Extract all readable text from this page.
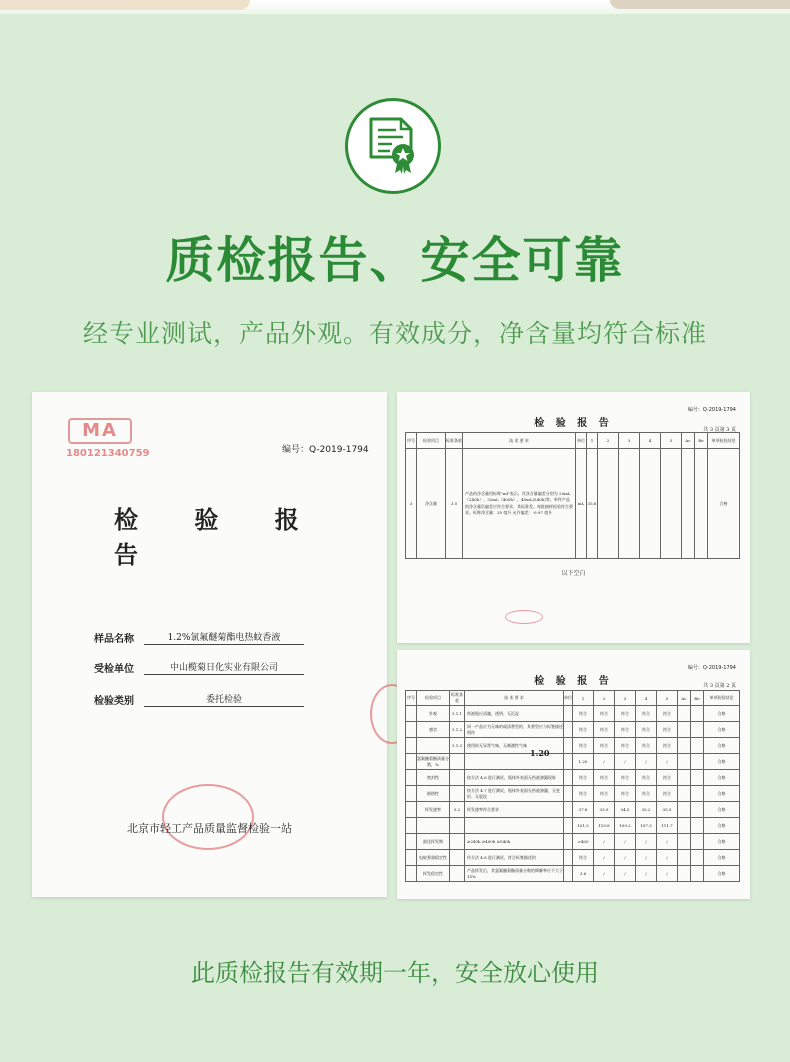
质检报告、安全可靠
经专业测试，产品外观。有效成分，净含量均符合标准
MA
180121340759	编号：Q-2019-1794
检 验 报 告
样品名称	1.2%氯氟醚菊酯电热蚊香液
受检单位	中山榄菊日化实业有限公司
检验类别	委托检验
北京市轻工产品质量监督检验一站
编号：Q-2019-1794
检 验 报 告
共 3 页第 3 页
序号	检验项目	标准条款	技 术 要 求	单位	1	2	3	4	5	Ac	Re	单项检验结论
3	净含量	3.5	产品的净含量用标称"ml"表示。其净含量偏差分别为 20mL（240h）、32mL（400h）、45mL(540h)等。单件产品的净含量负偏差应符合要求，其标准差。每批抽样检验符合要求。标称净含量：35 毫升 允许偏差：-0.97 毫升	mL	35.6							合格
以下空白
编号：Q-2019-1794
检 验 报 告	共 3 页第 2 页
序号	检验项目	标准条款	技 术 要 求	单位	1	2	3	4	5	Ac	Re	单项检验结论
	外观	3.1.1	药液瓶应清澈，透明、无沉淀		符合	符合	符合	符合	符合			合格
	感官	3.1.2	同一产品应为无味的或清香型的，其香型应与标签描述相符		符合	符合	符合	符合	符合			合格
		3.1.3	使用时无异常气味，无刺激性气味		符合	符合	符合	符合	符合			合格
	氯氟醚菊酯质量分数，%				1.20	/	/	/	/			合格
	密封性		按方法 4.6 进行测试，瓶体外表面无药液渗漏现象		符合	符合	符合	符合	符合			合格
	耐热性		按方法 4.7 进行测试，瓶体外表面无药液渗漏，无变形、无裂纹		符合	符合	符合	符合	符合			合格
	挥发速率	3.2	挥发速率符合要求		37.6	33.9	34.5	35.2	35.5			合格
					101.3	110.8	109.2	107.3	111.7			合格
	最佳挥发期		≥240h ≥400h ≥540h		>400	/	/	/	/			合格
	电蚊香器稳定性		经方法 4.8 进行测试，符合标签描述的		符合	/	/	/	/			合格
	挥发稳定性		产品挥发后，其氯氟醚菊酯质量分数的降解率应不大于 15%		3.6	/	/	/	/			合格
1.20
此质检报告有效期一年，安全放心使用
